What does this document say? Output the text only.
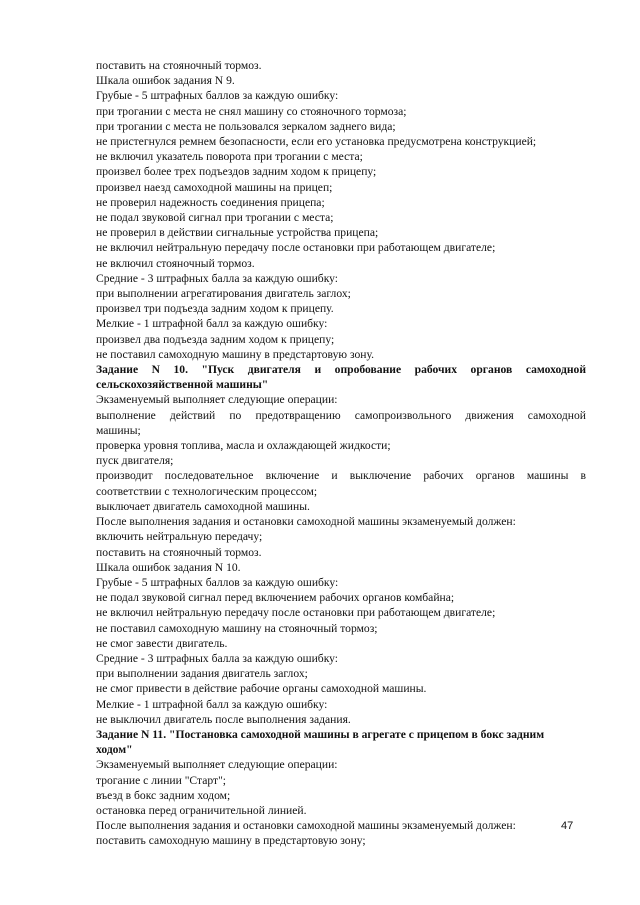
поставить на стояночный тормоз.
Шкала ошибок задания N 9.
Грубые - 5 штрафных баллов за каждую ошибку:
при трогании с места не снял машину со стояночного тормоза;
при трогании с места не пользовался зеркалом заднего вида;
не пристегнулся ремнем безопасности, если его установка предусмотрена конструкцией;
не включил указатель поворота при трогании с места;
произвел более трех подъездов задним ходом к прицепу;
произвел наезд самоходной машины на прицеп;
не проверил надежность соединения прицепа;
не подал звуковой сигнал при трогании с места;
не проверил в действии сигнальные устройства прицепа;
не включил нейтральную передачу после остановки при работающем двигателе;
не включил стояночный тормоз.
Средние - 3 штрафных балла за каждую ошибку:
при выполнении агрегатирования двигатель заглох;
произвел три подъезда задним ходом к прицепу.
Мелкие - 1 штрафной балл за каждую ошибку:
произвел два подъезда задним ходом к прицепу;
не поставил самоходную машину в предстартовую зону.
Задание N 10. "Пуск двигателя и опробование рабочих органов самоходной
сельскохозяйственной машины"
Экзаменуемый выполняет следующие операции:
выполнение действий по предотвращению самопроизвольного движения самоходной
машины;
проверка уровня топлива, масла и охлаждающей жидкости;
пуск двигателя;
производит последовательное включение и выключение рабочих органов машины в
соответствии с технологическим процессом;
выключает двигатель самоходной машины.
После выполнения задания и остановки самоходной машины экзаменуемый должен:
включить нейтральную передачу;
поставить на стояночный тормоз.
Шкала ошибок задания N 10.
Грубые - 5 штрафных баллов за каждую ошибку:
не подал звуковой сигнал перед включением рабочих органов комбайна;
не включил нейтральную передачу после остановки при работающем двигателе;
не поставил самоходную машину на стояночный тормоз;
не смог завести двигатель.
Средние - 3 штрафных балла за каждую ошибку:
при выполнении задания двигатель заглох;
не смог привести в действие рабочие органы самоходной машины.
Мелкие - 1 штрафной балл за каждую ошибку:
не выключил двигатель после выполнения задания.
Задание N 11. "Постановка самоходной машины в агрегате с прицепом в бокс задним
ходом"
Экзаменуемый выполняет следующие операции:
трогание с линии "Старт";
въезд в бокс задним ходом;
остановка перед ограничительной линией.
После выполнения задания и остановки самоходной машины экзаменуемый должен:
поставить самоходную машину в предстартовую зону;
47
